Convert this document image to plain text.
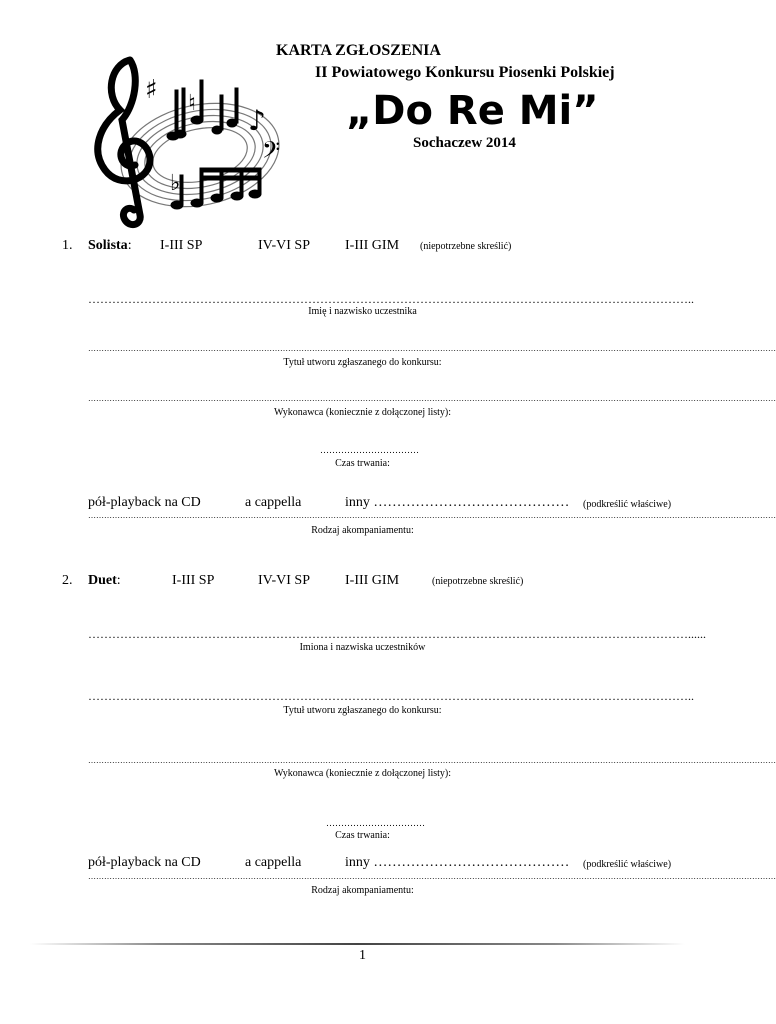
♯ ♮
♪
𝄢
♭
KARTA ZGŁOSZENIA
II Powiatowego Konkursu Piosenki Polskiej
„Do Re Mi”
Sochaczew 2014
1. Solista: I-III SP	IV-VI SP	I-III GIM (niepotrzebne skreślić)
……………………………………………………………………………………………………………………………………..
Imię i nazwisko uczestnika
……………………………………………………………………………………………………………………………………………………………………………………………………………………………………
Tytuł utworu zgłaszanego do konkursu:
……………………………………………………………………………………………………………………………………………………………………………………………………………………………………
Wykonawca (koniecznie z dołączonej listy):
……………………………
Czas trwania:
pół-playback na CD	a cappella	inny …………………………………… (podkreślić właściwe)
……………………………………………………………………………………………………………………………………………………………………………………………………………………………………
Rodzaj akompaniamentu:
2. Duet:	I-III SP	IV-VI SP	I-III GIM	(niepotrzebne skreślić)
……………………………………………………………………………………………………………………………………......
Imiona i nazwiska uczestników
……………………………………………………………………………………………………………………………………..
Tytuł utworu zgłaszanego do konkursu:
……………………………………………………………………………………………………………………………………………………………………………………………………………………………………
Wykonawca (koniecznie z dołączonej listy):
……………………………
Czas trwania:
pół-playback na CD	a cappella	inny …………………………………… (podkreślić właściwe)
……………………………………………………………………………………………………………………………………………………………………………………………………………………………………
Rodzaj akompaniamentu:
1
